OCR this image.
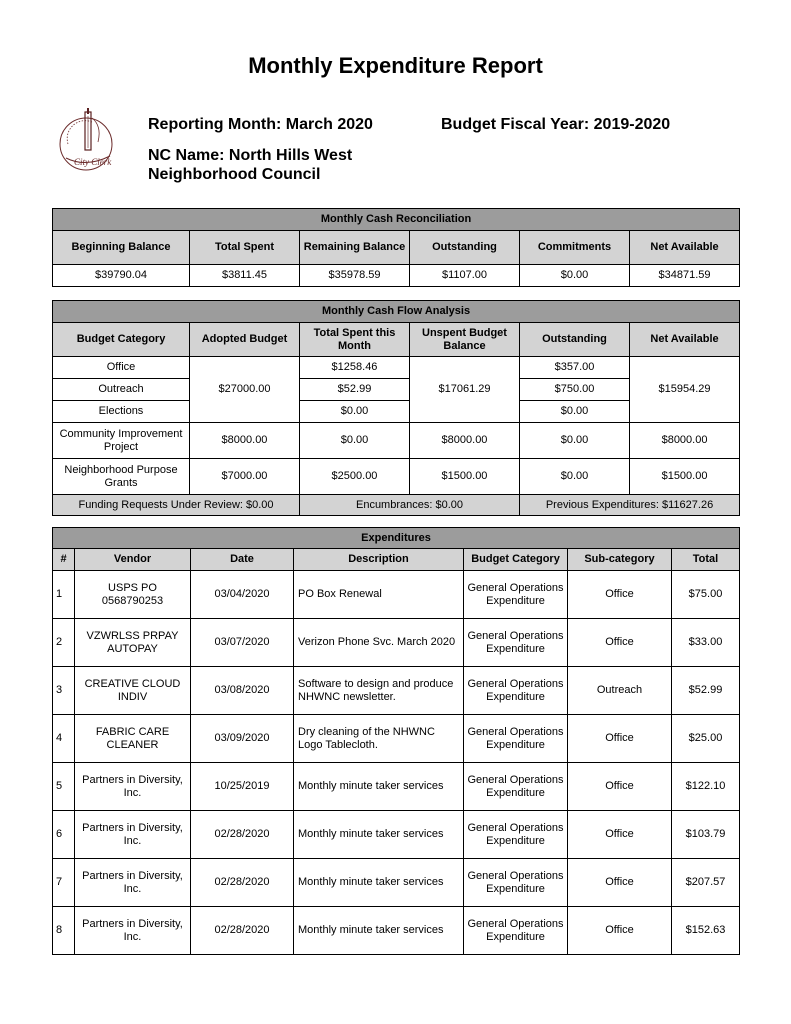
Monthly Expenditure Report
City Clerk
Reporting Month: March 2020	Budget Fiscal Year: 2019-2020
NC Name: North Hills West
Neighborhood Council
Monthly Cash Reconciliation					
Beginning Balance	Total Spent	Remaining Balance	Outstanding	Commitments	Net Available
$39790.04	$3811.45	$35978.59	$1107.00	$0.00	$34871.59
Monthly Cash Flow Analysis					
Budget Category	Adopted Budget	Total Spent this Month	Unspent Budget Balance	Outstanding	Net Available
Office	$27000.00	$1258.46	$17061.29	$357.00	$15954.29
Outreach		$52.99		$750.00	
Elections		$0.00		$0.00	
Community Improvement Project	$8000.00	$0.00	$8000.00	$0.00	$8000.00
Neighborhood Purpose Grants	$7000.00	$2500.00	$1500.00	$0.00	$1500.00
Funding Requests Under Review: $0.00		Encumbrances: $0.00		Previous Expenditures: $11627.26	
Expenditures						
#	Vendor	Date	Description	Budget Category	Sub-category	Total
1	USPS PO 0568790253	03/04/2020	PO Box Renewal	General Operations Expenditure	Office	$75.00
2	VZWRLSS PRPAY AUTOPAY	03/07/2020	Verizon Phone Svc. March 2020	General Operations Expenditure	Office	$33.00
3	CREATIVE CLOUD INDIV	03/08/2020	Software to design and produce NHWNC newsletter.	General Operations Expenditure	Outreach	$52.99
4	FABRIC CARE CLEANER	03/09/2020	Dry cleaning of the NHWNC Logo Tablecloth.	General Operations Expenditure	Office	$25.00
5	Partners in Diversity, Inc.	10/25/2019	Monthly minute taker services	General Operations Expenditure	Office	$122.10
6	Partners in Diversity, Inc.	02/28/2020	Monthly minute taker services	General Operations Expenditure	Office	$103.79
7	Partners in Diversity, Inc.	02/28/2020	Monthly minute taker services	General Operations Expenditure	Office	$207.57
8	Partners in Diversity, Inc.	02/28/2020	Monthly minute taker services	General Operations Expenditure	Office	$152.63
